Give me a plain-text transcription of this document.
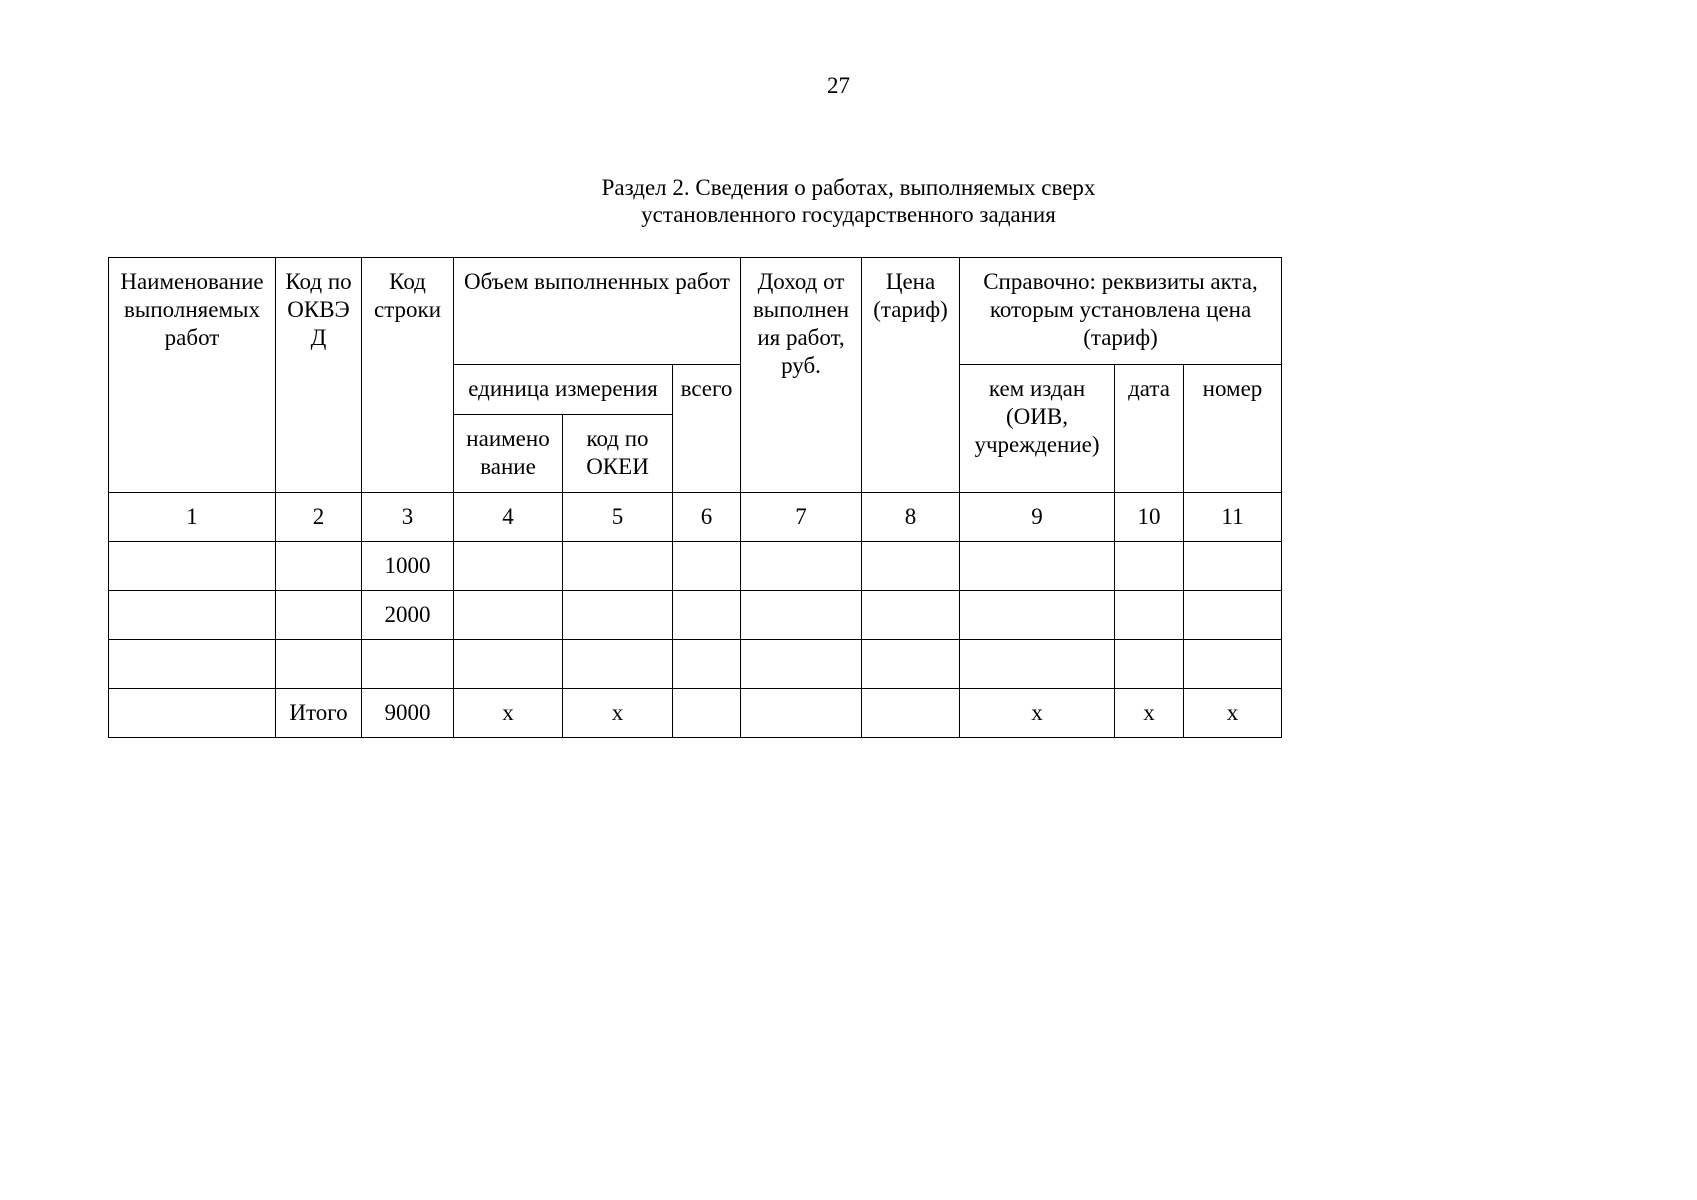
27
Раздел 2. Сведения о работах, выполняемых сверх
установленного государственного задания
Наименование выполняемых работ	Код по ОКВЭ Д	Код строки	Объем выполненных работ			Доход от выполнен ия работ, руб.	Цена (тариф)	Справочно: реквизиты акта, которым установлена цена (тариф)		
			единица измерения		всего			кем издан (ОИВ, учреждение)	дата	номер
			наимено вание	код по ОКЕИ						
1	2	3	4	5	6	7	8	9	10	11
		1000								
		2000								

	Итого	9000	x	x				x	x	x
